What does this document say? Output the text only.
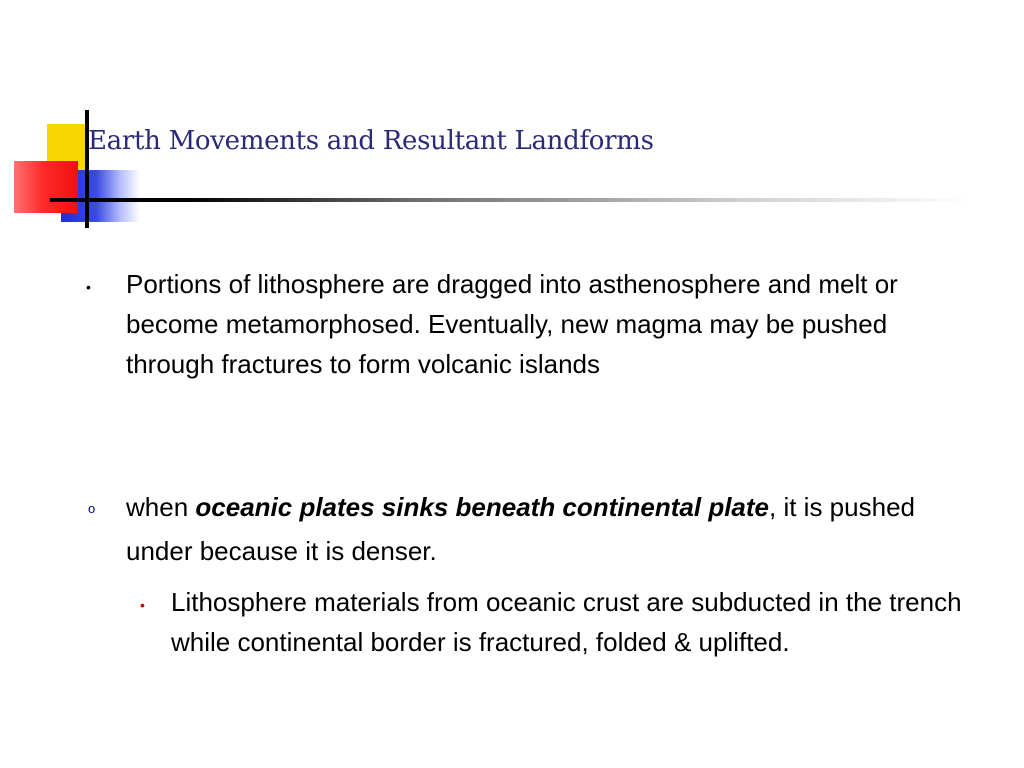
Earth Movements and Resultant Landforms
• Portions of lithosphere are dragged into asthenosphere and melt or become metamorphosed. Eventually, new magma may be pushed through fractures to form volcanic islands
o when oceanic plates sinks beneath continental plate, it is pushed under because it is denser.
• Lithosphere materials from oceanic crust are subducted in the trench while continental border is fractured, folded & uplifted.
